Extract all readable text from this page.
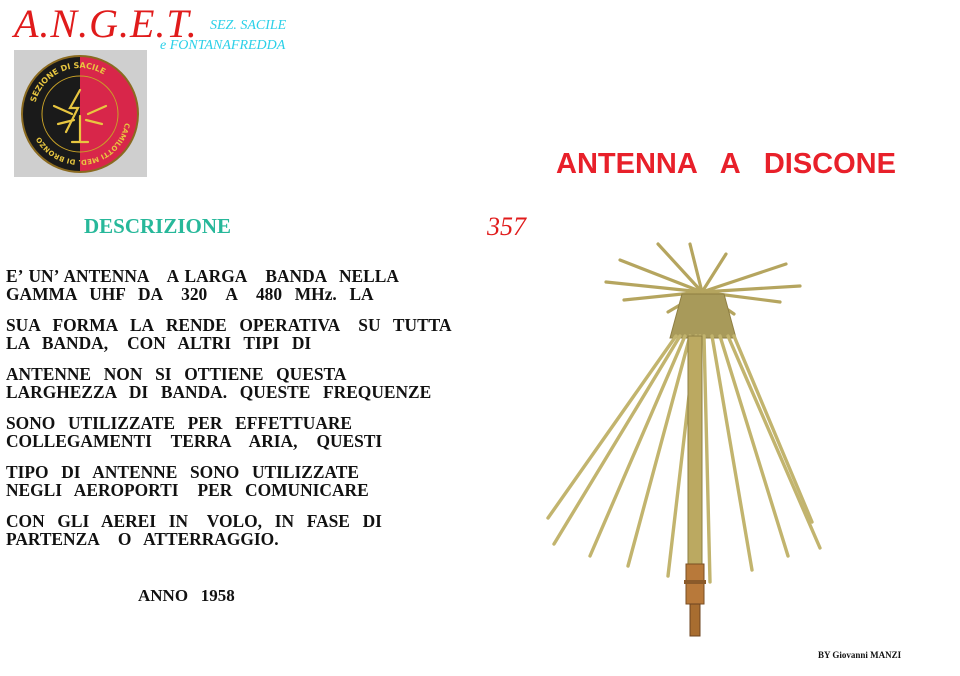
A.N.G.E.T. SEZ. SACILE
e FONTANAFREDDA
SEZIONE DI SACILE
CAMILOTTI MED. DI BRONZO
ANTENNA   A   DISCONE
DESCRIZIONE	357

E’ UN’ ANTENNA   A LARGA   BANDA  NELLA
GAMMA  UHF  DA   320   A   480  MHz.  LA

SUA  FORMA  LA  RENDE  OPERATIVA   SU  TUTTA
LA  BANDA,   CON  ALTRI  TIPI  DI

ANTENNE  NON  SI  OTTIENE  QUESTA
LARGHEZZA  DI  BANDA.  QUESTE  FREQUENZE

SONO  UTILIZZATE  PER  EFFETTUARE
COLLEGAMENTI   TERRA   ARIA,   QUESTI

TIPO  DI  ANTENNE  SONO  UTILIZZATE
NEGLI  AEROPORTI   PER  COMUNICARE

CON  GLI  AEREI  IN   VOLO,  IN  FASE  DI
PARTENZA   O  ATTERRAGGIO.

ANNO   1958
BY Giovanni MANZI
